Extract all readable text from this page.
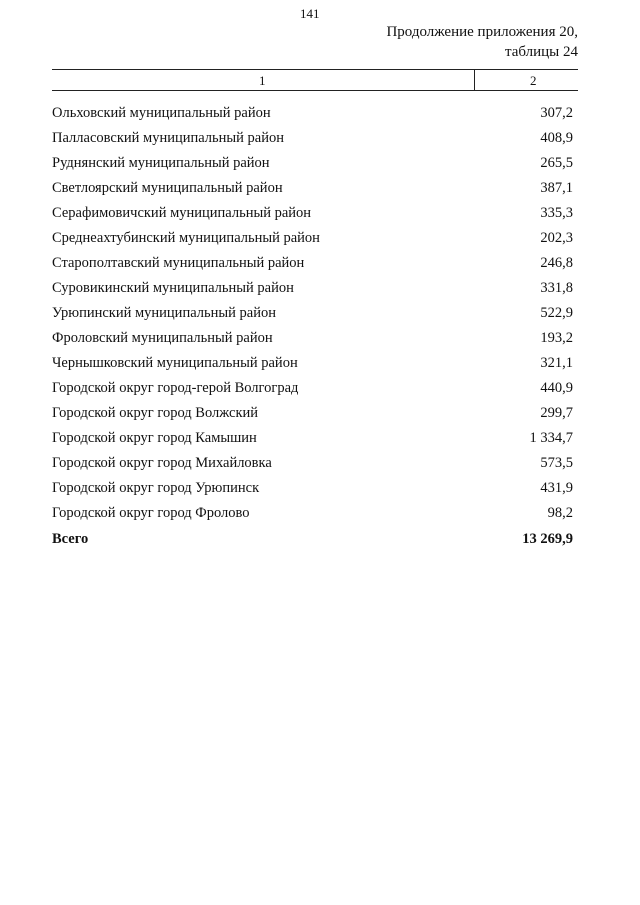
141
Продолжение приложения 20,
таблицы 24
1	2
Ольховский муниципальный район	307,2
Палласовский муниципальный район	408,9
Руднянский муниципальный район	265,5
Светлоярский муниципальный район	387,1
Серафимовичский муниципальный район	335,3
Среднеахтубинский муниципальный район	202,3
Старополтавский муниципальный район	246,8
Суровикинский муниципальный район	331,8
Урюпинский муниципальный район	522,9
Фроловский муниципальный район	193,2
Чернышковский муниципальный район	321,1
Городской округ город-герой Волгоград	440,9
Городской округ город Волжский	299,7
Городской округ город Камышин	1 334,7
Городской округ город Михайловка	573,5
Городской округ город Урюпинск	431,9
Городской округ город Фролово	98,2
Всего	13 269,9
